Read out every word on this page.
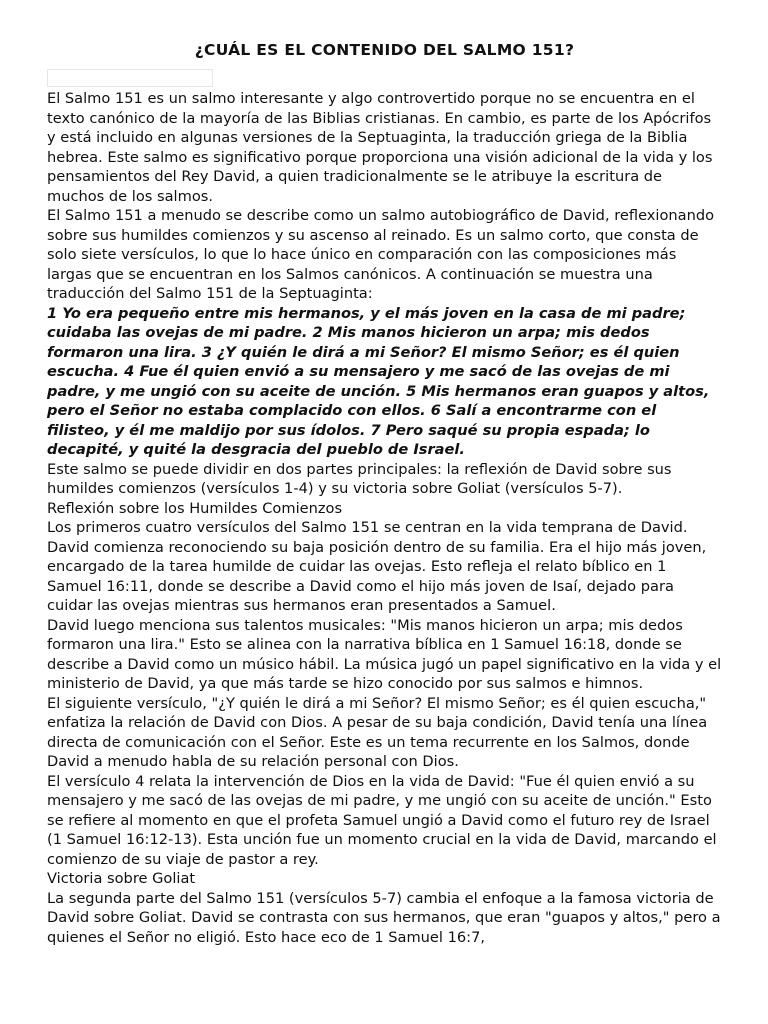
¿CUÁL ES EL CONTENIDO DEL SALMO 151?

El Salmo 151 es un salmo interesante y algo controvertido porque no se encuentra en el texto canónico de la mayoría de las Biblias cristianas. En cambio, es parte de los Apócrifos y está incluido en algunas versiones de la Septuaginta, la traducción griega de la Biblia hebrea. Este salmo es significativo porque proporciona una visión adicional de la vida y los pensamientos del Rey David, a quien tradicionalmente se le atribuye la escritura de muchos de los salmos.

El Salmo 151 a menudo se describe como un salmo autobiográfico de David, reflexionando sobre sus humildes comienzos y su ascenso al reinado. Es un salmo corto, que consta de solo siete versículos, lo que lo hace único en comparación con las composiciones más largas que se encuentran en los Salmos canónicos. A continuación se muestra una traducción del Salmo 151 de la Septuaginta:

1 Yo era pequeño entre mis hermanos, y el más joven en la casa de mi padre; cuidaba las ovejas de mi padre. 2 Mis manos hicieron un arpa; mis dedos formaron una lira. 3 ¿Y quién le dirá a mi Señor? El mismo Señor; es él quien escucha. 4 Fue él quien envió a su mensajero y me sacó de las ovejas de mi padre, y me ungió con su aceite de unción. 5 Mis hermanos eran guapos y altos, pero el Señor no estaba complacido con ellos. 6 Salí a encontrarme con el filisteo, y él me maldijo por sus ídolos. 7 Pero saqué su propia espada; lo decapité, y quité la desgracia del pueblo de Israel.

Este salmo se puede dividir en dos partes principales: la reflexión de David sobre sus humildes comienzos (versículos 1-4) y su victoria sobre Goliat (versículos 5-7).

Reflexión sobre los Humildes Comienzos

Los primeros cuatro versículos del Salmo 151 se centran en la vida temprana de David. David comienza reconociendo su baja posición dentro de su familia. Era el hijo más joven, encargado de la tarea humilde de cuidar las ovejas. Esto refleja el relato bíblico en 1 Samuel 16:11, donde se describe a David como el hijo más joven de Isaí, dejado para cuidar las ovejas mientras sus hermanos eran presentados a Samuel.

David luego menciona sus talentos musicales: "Mis manos hicieron un arpa; mis dedos formaron una lira." Esto se alinea con la narrativa bíblica en 1 Samuel 16:18, donde se describe a David como un músico hábil. La música jugó un papel significativo en la vida y el ministerio de David, ya que más tarde se hizo conocido por sus salmos e himnos.

El siguiente versículo, "¿Y quién le dirá a mi Señor? El mismo Señor; es él quien escucha," enfatiza la relación de David con Dios. A pesar de su baja condición, David tenía una línea directa de comunicación con el Señor. Este es un tema recurrente en los Salmos, donde David a menudo habla de su relación personal con Dios.

El versículo 4 relata la intervención de Dios en la vida de David: "Fue él quien envió a su mensajero y me sacó de las ovejas de mi padre, y me ungió con su aceite de unción." Esto se refiere al momento en que el profeta Samuel ungió a David como el futuro rey de Israel (1 Samuel 16:12-13). Esta unción fue un momento crucial en la vida de David, marcando el comienzo de su viaje de pastor a rey.

Victoria sobre Goliat

La segunda parte del Salmo 151 (versículos 5-7) cambia el enfoque a la famosa victoria de David sobre Goliat. David se contrasta con sus hermanos, que eran "guapos y altos," pero a quienes el Señor no eligió. Esto hace eco de 1 Samuel 16:7,
